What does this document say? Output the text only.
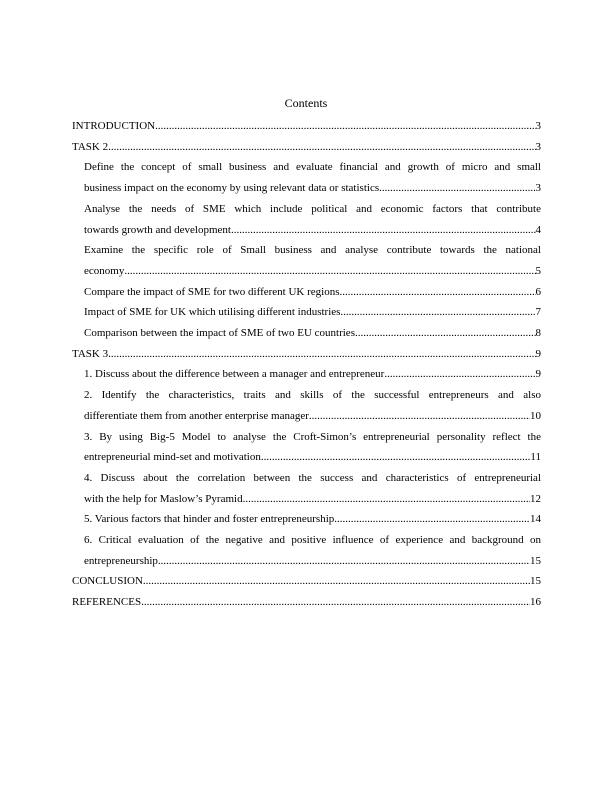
Contents
INTRODUCTION .....	3
TASK 2 .....	3
Define the concept of small business and evaluate financial and growth of micro and small
business impact on the economy by using relevant data or statistics .....	3
Analyse the needs of SME which include political and economic factors that contribute
towards growth and development .....	4
Examine the specific role of Small business and analyse contribute towards the national
economy .....	5
Compare the impact of SME for two different UK regions .....	6
Impact of SME for UK which utilising different industries .....	7
Comparison between the impact of SME of two EU countries .....	8
TASK 3 .....	9
1. Discuss about the difference between a manager and entrepreneur .....	9
2. Identify the characteristics, traits and skills of the successful entrepreneurs and also
differentiate them from another enterprise manager .....	10
3. By using Big-5 Model to analyse the Croft-Simon’s entrepreneurial personality reflect the
entrepreneurial mind-set and motivation .....	11
4. Discuss about the correlation between the success and characteristics of entrepreneurial
with the help for Maslow’s Pyramid .....	12
5. Various factors that hinder and foster entrepreneurship .....	14
6. Critical evaluation of the negative and positive influence of experience and background on
entrepreneurship .....	15
CONCLUSION .....	15
REFERENCES .....	16
